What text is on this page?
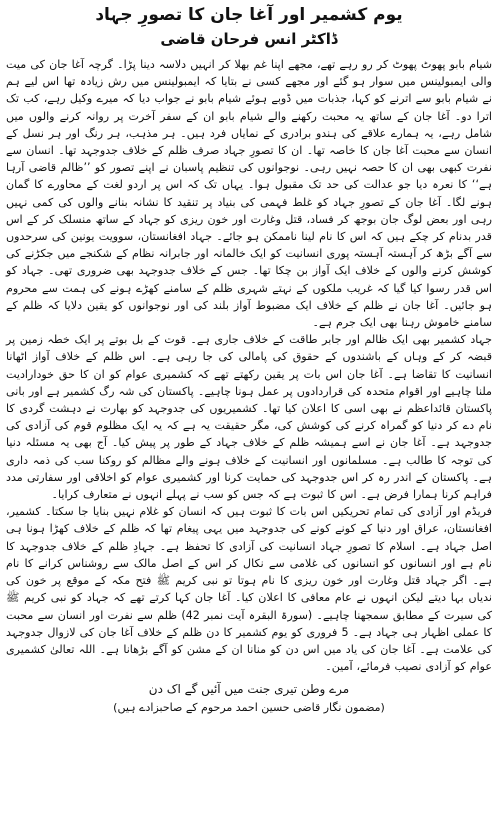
یوم کشمیر اور آغا جان کا تصورِ جہاد
ڈاکٹر انس فرحان قاضی

شیام بابو پھوٹ پھوٹ کر رو رہے تھے، مجھے اپنا غم بھلا کر انہیں دلاسہ دینا پڑا۔ گرچہ آغا جان کی میت والی ایمبولینس میں سوار ہو گئے اور مجھے کسی نے بتایا کہ ایمبولینس میں رش زیادہ تھا اس لیے ہم نے شیام بابو سے اترنے کو کہا، جذبات میں ڈوبے ہوئے شیام بابو نے جواب دیا کہ میرے وکیل رہے، کب تک اترا دو۔ آغا جان کے ساتھ یہ محبت رکھنے والے شیام بابو ان کے سفر آخرت پر روانہ کرنے والوں میں شامل رہے، یہ ہمارے علاقے کی ہندو برادری کے نمایاں فرد ہیں۔ ہر مذہب، ہر رنگ اور ہر نسل کے انسان سے محبت آغا جان کا خاصہ تھا۔ ان کا تصورِ جہاد صرف ظلم کے خلاف جدوجہد تھا۔ انسان سے نفرت کبھی بھی ان کا حصہ نہیں رہی۔ نوجوانوں کی تنظیم پاسبان نے اپنے تصور کو ’’ظالم قاضی آرہا ہے‘‘ کا نعرہ دیا جو عدالت کی حد تک مقبول ہوا۔ یہاں تک کہ اس پر اردو لغت کے محاورے کا گمان ہونے لگا۔ آغا جان کے تصورِ جہاد کو غلط فہمی کی بنیاد پر تنقید کا نشانہ بنانے والوں کی کمی نہیں رہی اور بعض لوگ جان بوجھ کر فساد، قتل وغارت اور خون ریزی کو جہاد کے ساتھ منسلک کر کے اس قدر بدنام کر چکے ہیں کہ اس کا نام لینا ناممکن ہو جائے۔ جہاد افغانستان، سوویت یونین کی سرحدوں سے آگے بڑھ کر آہستہ آہستہ پوری انسانیت کو ایک خالمانہ اور جابرانہ نظام کے شکنجے میں جکڑنے کی کوشش کرنے والوں کے خلاف ایک آواز بن چکا تھا۔ جس کے خلاف جدوجہد بھی ضروری تھی۔ جہاد کو اس قدر رسوا کیا گیا کہ غریب ملکوں کے نہتے شہری ظلم کے سامنے کھڑے ہونے کی ہمت سے محروم ہو جائیں۔ آغا جان نے ظلم کے خلاف ایک مضبوط آواز بلند کی اور نوجوانوں کو یقین دلایا کہ ظلم کے سامنے خاموش رہنا بھی ایک جرم ہے۔

جہاد کشمیر بھی ایک ظالم اور جابر طاقت کے خلاف جاری ہے۔ قوت کے بل بوتے پر ایک خطہ زمین پر قبضہ کر کے وہاں کے باشندوں کے حقوق کی پامالی کی جا رہی ہے۔ اس ظلم کے خلاف آواز اٹھانا انسانیت کا تقاضا ہے۔ آغا جان اس بات پر یقین رکھتے تھے کہ کشمیری عوام کو ان کا حق خودارادیت ملنا چاہیے اور اقوام متحدہ کی قراردادوں پر عمل ہونا چاہیے۔ پاکستان کی شہ رگ کشمیر ہے اور بانی پاکستان قائداعظم نے بھی اسی کا اعلان کیا تھا۔ کشمیریوں کی جدوجہد کو بھارت نے دہشت گردی کا نام دے کر دنیا کو گمراہ کرنے کی کوشش کی، مگر حقیقت یہ ہے کہ یہ ایک مظلوم قوم کی آزادی کی جدوجہد ہے۔ آغا جان نے اسے ہمیشہ ظلم کے خلاف جہاد کے طور پر پیش کیا۔ آج بھی یہ مسئلہ دنیا کی توجہ کا طالب ہے۔ مسلمانوں اور انسانیت کے خلاف ہونے والے مظالم کو روکنا سب کی ذمہ داری ہے۔ پاکستان کے اندر رہ کر اس جدوجہد کی حمایت کرنا اور کشمیری عوام کو اخلاقی اور سفارتی مدد فراہم کرنا ہمارا فرض ہے۔ اس کا ثبوت ہے کہ جس کو سب نے پہلے انہوں نے متعارف کرایا۔

فریڈم اور آزادی کی تمام تحریکیں اس بات کا ثبوت ہیں کہ انسان کو غلام نہیں بنایا جا سکتا۔ کشمیر، افغانستان، عراق اور دنیا کے کونے کونے کی جدوجہد میں یہی پیغام تھا کہ ظلم کے خلاف کھڑا ہونا ہی اصل جہاد ہے۔ اسلام کا تصورِ جہاد انسانیت کی آزادی کا تحفظ ہے۔ جہادِ ظلم کے خلاف جدوجہد کا نام ہے اور انسانوں کو انسانوں کی غلامی سے نکال کر اس کے اصل مالک سے روشناس کرانے کا نام ہے۔ اگر جہاد قتل وغارت اور خون ریزی کا نام ہوتا تو نبی کریم ﷺ فتح مکہ کے موقع پر خون کی ندیاں بہا دیتے لیکن انہوں نے عام معافی کا اعلان کیا۔ آغا جان کہا کرتے تھے کہ جہاد کو نبی کریم ﷺ کی سیرت کے مطابق سمجھنا چاہیے۔ (سورۃ البقرہ آیت نمبر 42) ظلم سے نفرت اور انسان سے محبت کا عملی اظہار ہی جہاد ہے۔ 5 فروری کو یوم کشمیر کا دن ظلم کے خلاف آغا جان کی لازوال جدوجہد کی علامت ہے۔ آغا جان کی یاد میں اس دن کو منانا ان کے مشن کو آگے بڑھانا ہے۔ اللہ تعالیٰ کشمیری عوام کو آزادی نصیب فرمائے، آمین۔

مرے وطن تیری جنت میں آئیں گے اک دن
(مضمون نگار قاضی حسین احمد مرحوم کے صاحبزادے ہیں)
